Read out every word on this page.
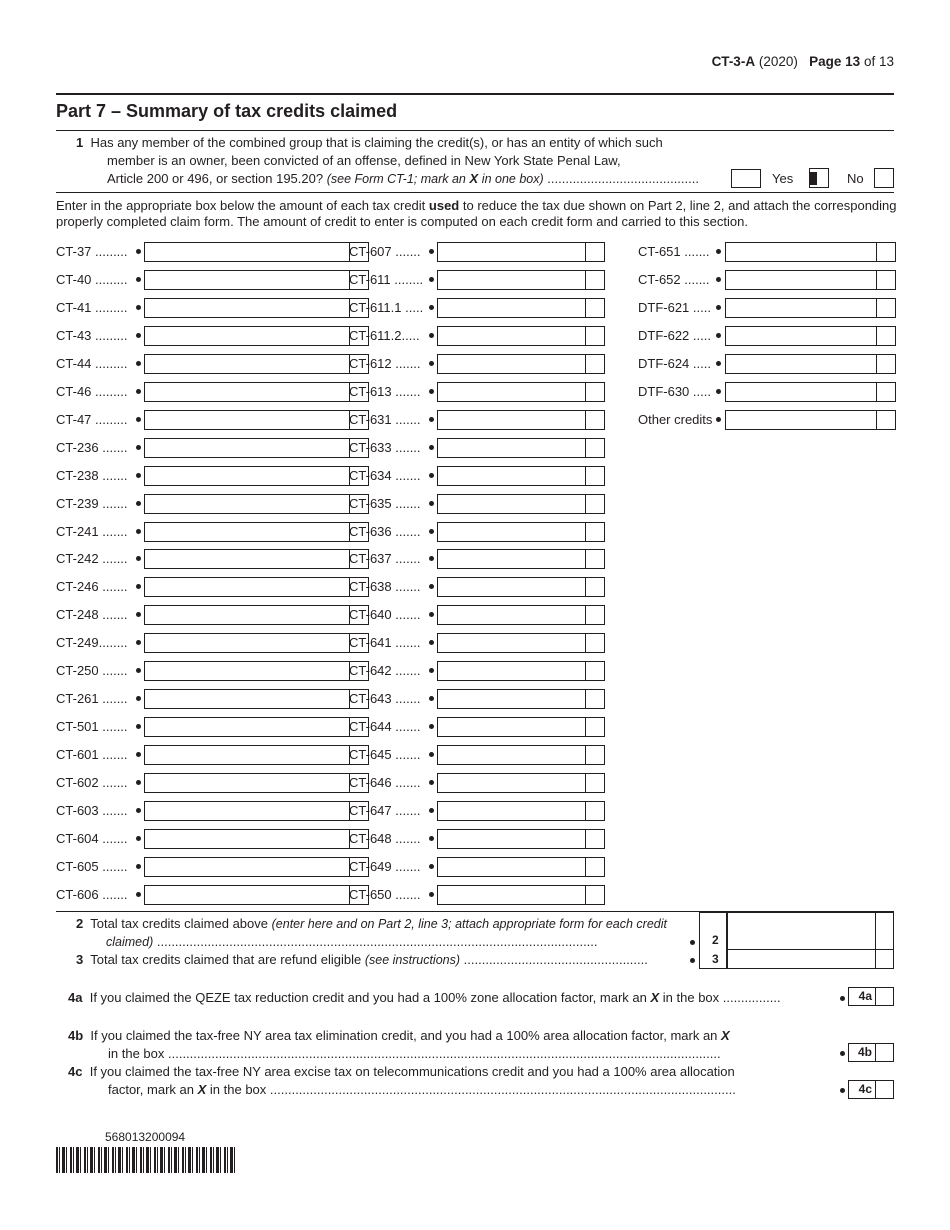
CT-3-A (2020) Page 13 of 13
Part 7 – Summary of tax credits claimed
1 Has any member of the combined group that is claiming the credit(s), or has an entity of which such
member is an owner, been convicted of an offense, defined in New York State Penal Law,
Article 200 or 496, or section 195.20? (see Form CT-1; mark an X in one box) ..........................................	Yes	No
Enter in the appropriate box below the amount of each tax credit used to reduce the tax due shown on Part 2, line 2, and attach the corresponding properly completed claim form. The amount of credit to enter is computed on each credit form and carried to this section.
CT-37 .........
CT-40 .........
CT-41 .........
CT-43 .........
CT-44 .........
CT-46 .........
CT-47 .........
CT-236 .......
CT-238 .......
CT-239 .......
CT-241 .......
CT-242 .......
CT-246 .......
CT-248 .......
CT-249........
CT-250 .......
CT-261 .......
CT-501 .......
CT-601 .......
CT-602 .......
CT-603 .......
CT-604 .......
CT-605 .......
CT-606 .......
CT-607 .......
CT-611 ........
CT-611.1 .....
CT-611.2.....
CT-612 .......
CT-613 .......
CT-631 .......
CT-633 .......
CT-634 .......
CT-635 .......
CT-636 .......
CT-637 .......
CT-638 .......
CT-640 .......
CT-641 .......
CT-642 .......
CT-643 .......
CT-644 .......
CT-645 .......
CT-646 .......
CT-647 .......
CT-648 .......
CT-649 .......
CT-650 .......
CT-651 .......
CT-652 .......
DTF-621 .....
DTF-622 .....
DTF-624 .....
DTF-630 .....
Other credits
2 Total tax credits claimed above (enter here and on Part 2, line 3; attach appropriate form for each credit
claimed) ..........................................................................................................................
3 Total tax credits claimed that are refund eligible (see instructions) ...................................................
2
3
4a If you claimed the QEZE tax reduction credit and you had a 100% zone allocation factor, mark an X in the box ................	4a
4b If you claimed the tax-free NY area tax elimination credit, and you had a 100% area allocation factor, mark an X
in the box .........................................................................................................................................................	4b
4c If you claimed the tax-free NY area excise tax on telecommunications credit and you had a 100% area allocation
factor, mark an X in the box .................................................................................................................................	4c
568013200094
